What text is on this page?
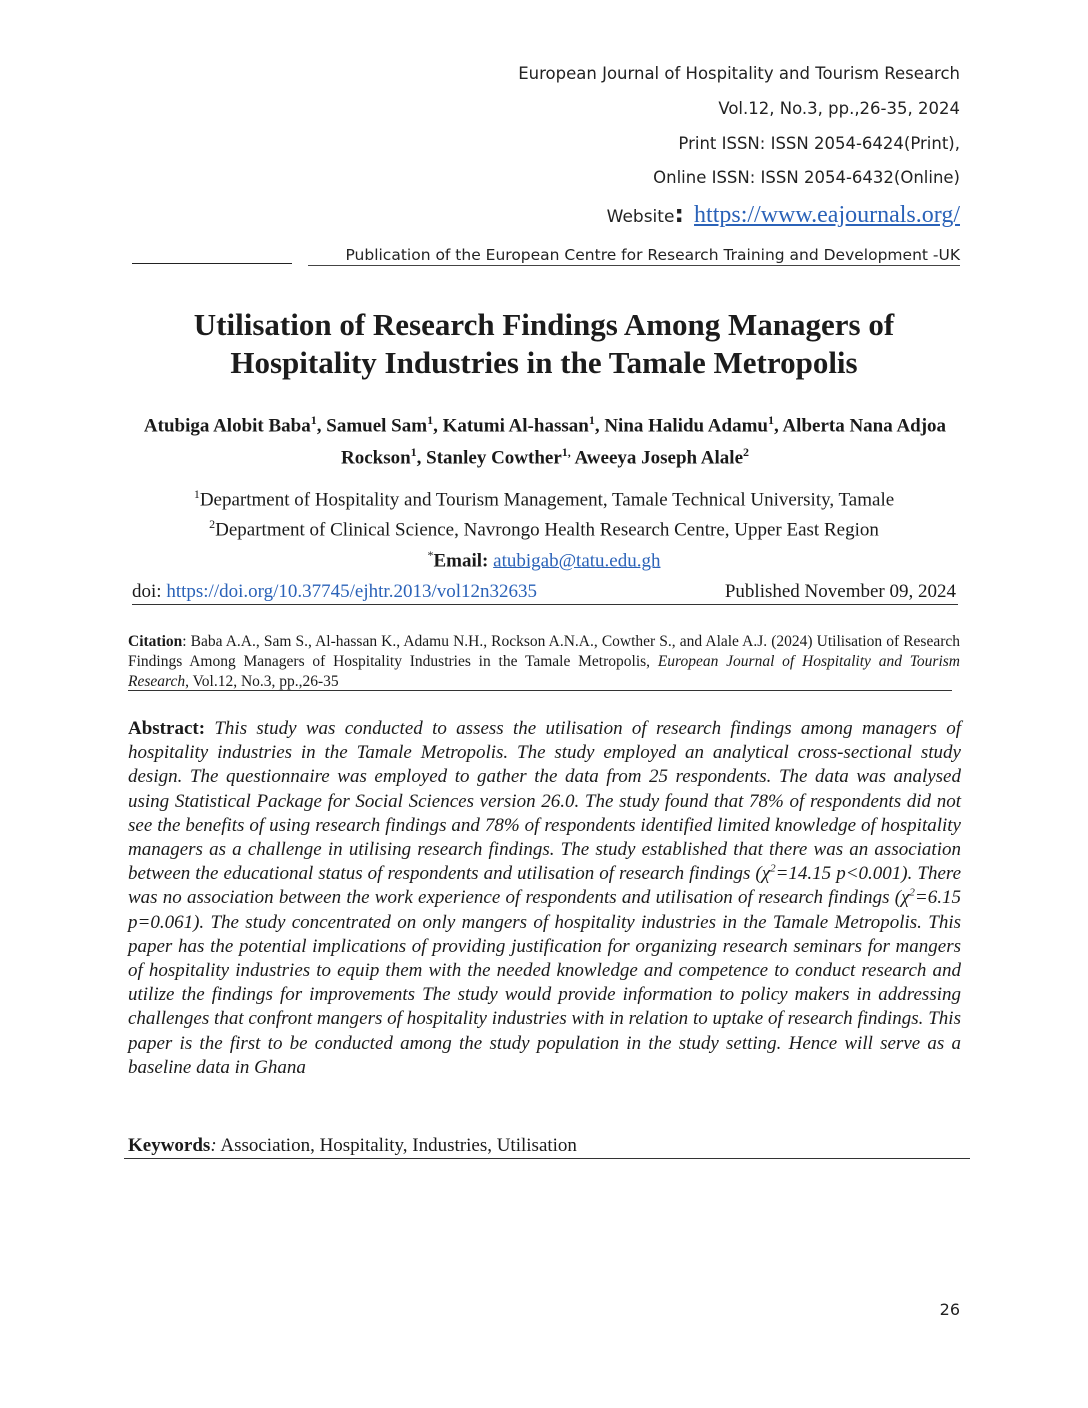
European Journal of Hospitality and Tourism Research
Vol.12, No.3, pp.,26-35, 2024
Print ISSN: ISSN 2054-6424(Print),
Online ISSN: ISSN 2054-6432(Online)
Website: https://www.eajournals.org/
Publication of the European Centre for Research Training and Development -UK
Utilisation of Research Findings Among Managers of
Hospitality Industries in the Tamale Metropolis
Atubiga Alobit Baba$^1$, Samuel Sam$^1$, Katumi Al-hassan$^1$, Nina Halidu Adamu$^1$, Alberta Nana Adjoa Rockson$^1$, Stanley Cowther$^{1,}$ Aweeya Joseph Alale$^2$
$^1$Department of Hospitality and Tourism Management, Tamale Technical University, Tamale
$^2$Department of Clinical Science, Navrongo Health Research Centre, Upper East Region
*Email: atubigab@tatu.edu.gh
doi: https://doi.org/10.37745/ejhtr.2013/vol12n32635	Published November 09, 2024
Citation: Baba A.A., Sam S., Al-hassan K., Adamu N.H., Rockson A.N.A., Cowther S., and Alale A.J. (2024) Utilisation of Research Findings Among Managers of Hospitality Industries in the Tamale Metropolis, European Journal of Hospitality and Tourism Research, Vol.12, No.3, pp.,26-35
Abstract: This study was conducted to assess the utilisation of research findings among managers of hospitality industries in the Tamale Metropolis. The study employed an analytical cross-sectional study design. The questionnaire was employed to gather the data from 25 respondents. The data was analysed using Statistical Package for Social Sciences version 26.0. The study found that 78% of respondents did not see the benefits of using research findings and 78% of respondents identified limited knowledge of hospitality managers as a challenge in utilising research findings. The study established that there was an association between the educational status of respondents and utilisation of research findings ($\chi^2=14.15$ p<0.001). There was no association between the work experience of respondents and utilisation of research findings ($\chi^2=6.15$ p=0.061). The study concentrated on only mangers of hospitality industries in the Tamale Metropolis. This paper has the potential implications of providing justification for organizing research seminars for mangers of hospitality industries to equip them with the needed knowledge and competence to conduct research and utilize the findings for improvements The study would provide information to policy makers in addressing challenges that confront mangers of hospitality industries with in relation to uptake of research findings. This paper is the first to be conducted among the study population in the study setting. Hence will serve as a baseline data in Ghana
Keywords: Association, Hospitality, Industries, Utilisation
26
